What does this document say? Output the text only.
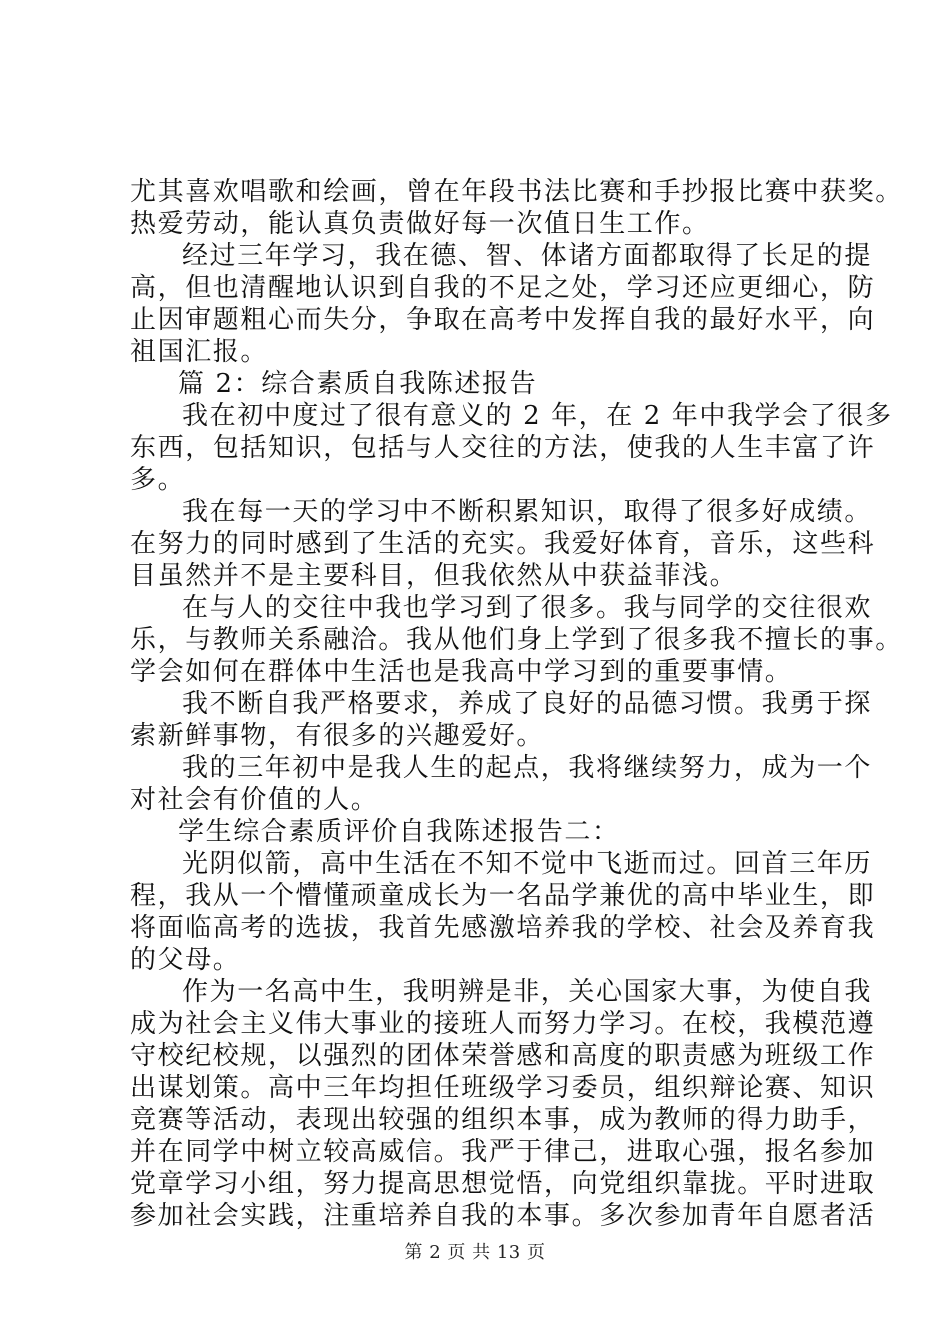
尤其喜欢唱歌和绘画，曾在年段书法比赛和手抄报比赛中获奖。
热爱劳动，能认真负责做好每一次值日生工作。
经过三年学习，我在德、智、体诸方面都取得了长足的提
高，但也清醒地认识到自我的不足之处，学习还应更细心，防
止因审题粗心而失分，争取在高考中发挥自我的最好水平，向
祖国汇报。
篇 2：综合素质自我陈述报告
我在初中度过了很有意义的 2 年，在 2 年中我学会了很多
东西，包括知识，包括与人交往的方法，使我的人生丰富了许
多。
我在每一天的学习中不断积累知识，取得了很多好成绩。
在努力的同时感到了生活的充实。我爱好体育，音乐，这些科
目虽然并不是主要科目，但我依然从中获益菲浅。
在与人的交往中我也学习到了很多。我与同学的交往很欢
乐，与教师关系融洽。我从他们身上学到了很多我不擅长的事。
学会如何在群体中生活也是我高中学习到的重要事情。
我不断自我严格要求，养成了良好的品德习惯。我勇于探
索新鲜事物，有很多的兴趣爱好。
我的三年初中是我人生的起点，我将继续努力，成为一个
对社会有价值的人。
学生综合素质评价自我陈述报告二：
光阴似箭，高中生活在不知不觉中飞逝而过。回首三年历
程，我从一个懵懂顽童成长为一名品学兼优的高中毕业生，即
将面临高考的选拔，我首先感激培养我的学校、社会及养育我
的父母。
作为一名高中生，我明辨是非，关心国家大事，为使自我
成为社会主义伟大事业的接班人而努力学习。在校，我模范遵
守校纪校规，以强烈的团体荣誉感和高度的职责感为班级工作
出谋划策。高中三年均担任班级学习委员，组织辩论赛、知识
竞赛等活动，表现出较强的组织本事，成为教师的得力助手，
并在同学中树立较高威信。我严于律己，进取心强，报名参加
党章学习小组，努力提高思想觉悟，向党组织靠拢。平时进取
参加社会实践，注重培养自我的本事。多次参加青年自愿者活
第 2 页 共 13 页
